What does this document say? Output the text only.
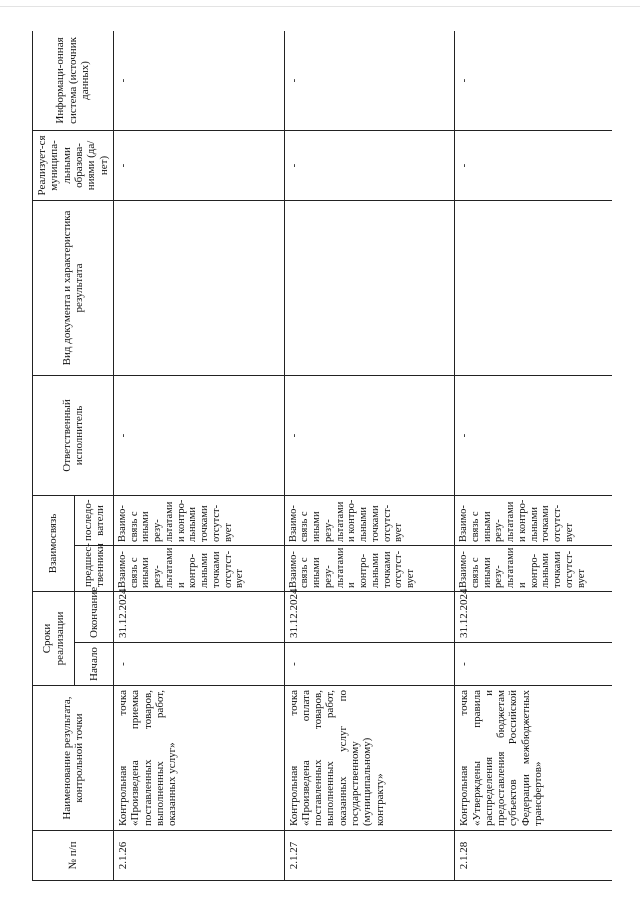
№ п/п	Наименование результата, контрольной точки	Сроки реализации		Взаимосвязь		Ответственный исполнитель	Вид документа и характеристика результата	Реализует-ся муниципа-льными образова-ниями (да/нет)	Информаци-онная система (источник данных)
		Начало	Окончание	предшес-твенники	последо-ватели				
2.1.26	Контрольная точка «Произведена приемка поставленных товаров, выполненных работ, оказанных услуг»	-	31.12.2024	Взаимо-связь с иными резу-льтатами и контро-льными точками отсутст-вует	Взаимо-связь с иными резу-льтатами и контро-льными точками отсутст-вует	-		-	-
2.1.27	Контрольная точка «Произведена оплата поставленных товаров, выполненных работ, оказанных услуг по государственному (муниципальному) контракту»	-	31.12.2024	Взаимо-связь с иными резу-льтатами и контро-льными точками отсутст-вует	Взаимо-связь с иными резу-льтатами и контро-льными точками отсутст-вует	-		-	-
2.1.28	Контрольная точка «Утверждены правила распределения и предоставления бюджетам субъектов Российской Федерации межбюджетных трансфертов»	-	31.12.2024	Взаимо-связь с иными резу-льтатами и контро-льными точками отсутст-вует	Взаимо-связь с иными резу-льтатами и контро-льными точками отсутст-вует	-		-	-
